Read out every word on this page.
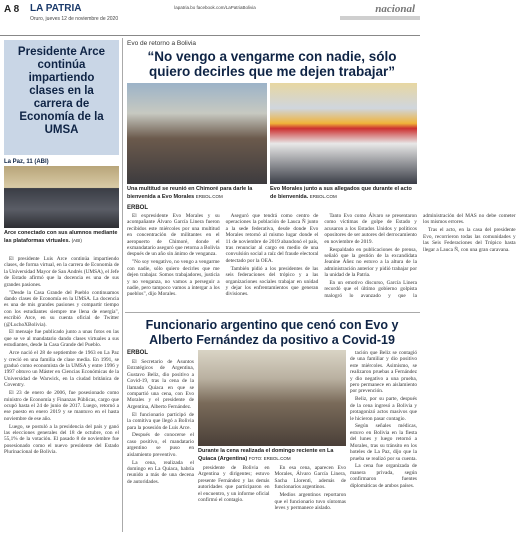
A 8 LA PATRIA
Oruro, jueves 12 de noviembre de 2020
lapatria.bo facebook.com/LaPatriaBolivia	nacional
Presidente Arce continúa impartiendo clases en la carrera de Economía de la UMSA
La Paz, 11 (ABI)
Arce conectado con sus alumnos mediante las plataformas virtuales. (ABI)

El presidente Luis Arce continúa impartiendo clases, de forma virtual, en la carrera de Economía de la Universidad Mayor de San Andrés (UMSA), el Jefe de Estado afirmó que la docencia es una de sus grandes pasiones.

"Desde la Casa Grande del Pueblo continuamos dando clases de Economía en la UMSA. La docencia es una de mis grandes pasiones y compartir tiempo con los estudiantes siempre me llena de energía", escribió Arce, en su cuenta oficial de Twitter (@LuchoXBolivia).

El mensaje fue publicado junto a unas fotos en las que se ve al mandatario dando clases virtuales a sus estudiantes, desde la Casa Grande del Pueblo.

Arce nació el 28 de septiembre de 1963 en La Paz y creció en una familia de clase media. En 1991, se graduó como economista de la UMSA y entre 1996 y 1997 obtuvo un Máster en Ciencias Económicas de la Universidad de Warwick, en la ciudad británica de Coventry.

El 23 de enero de 2006, fue posesionado como ministro de Economía y Finanzas Públicas, cargo que ocupó hasta el 24 de junio de 2017. Luego, retornó a ese puesto en enero 2019 y se mantuvo en el hasta noviembre de ese año.

Luego, se postuló a la presidencia del país y ganó las elecciones generales del 18 de octubre, con el 55,1% de la votación. El pasado 8 de noviembre fue posesionado como el nuevo presidente del Estado Plurinacional de Bolivia.

Evo de retorno a Bolivia
“No vengo a vengarme con nadie, sólo quiero decirles que me dejen trabajar”
Una multitud se reunió en Chimoré para darle la bienvenida a Evo Morales ERBOL.COM
Evo Morales junto a sus allegados que durante el acto de bienvenida. ERBOL.COM
ERBOL

El expresidente Evo Morales y su acompañante Álvaro García Linera fueron recibidos este miércoles por una multitud en concentración de militantes en el aeropuerto de Chimoré, donde el exmandatario aseguró que retorna a Bolivia después de un año sin ánimo de venganza.

"No soy vengativo, no vengo a vengarme con nadie, sólo quiero decirles que me dejen trabajar. Somos trabajadores, justicia y no venganza, no vamos a perseguir a nadie, pero tampoco vamos a intergar a los pueblos", dijo Morales.

Aseguró que tendrá como centro de operaciones la población de Lauca Ñ junto a la sede federativa, desde donde Evo Morales retornó al mismo lugar donde el 11 de noviembre de 2019 abandonó el país, tras renunciar al cargo en medio de una convulsión social a raíz del fraude electoral detectado por la OEA.

También pidió a los presidentes de las seis federaciones del trópico y a las organizaciones sociales trabajar en unidad y dejar los enfrentamientos que generan divisiones.

Tanto Evo como Álvaro se presentaron como víctimas de golpe de Estado y acusaron a los Estados Unidos y políticos opositores de ser autores del derrocamiento en noviembre de 2019.

Respaldado en publicaciones de prensa, señaló que la gestión de la excandidata Jeanine Áñez no estuvo a la altura de la administración anterior y pidió trabajar por la unidad de la Patria.

En un emotivo discurso, García Linera recordó que el último gobierno golpista malogró lo avanzado y que la administración del MAS no debe cometer los mismos errores.

Tras el acto, en la casa del presidente Evo, recorrieron todas las comunidades y las Seis Federaciones del Trópico hasta llegar a Lauca Ñ, con una gran caravana.

Funcionario argentino que cenó con Evo y Alberto Fernández da positivo a Covid-19
ERBOL

El Secretario de Asuntos Estratégicos de Argentina, Gustavo Beliz, dio positivo a Covid-19, tras la cena de la llamada Quiaca en que se compartió una cena, con Evo Morales y el presidente de Argentina, Alberto Fernández.

El funcionario participó de la comitiva que llegó a Bolivia para la posesión de Luis Arce.

Después de conocerse el caso positivo, el mandatario argentino se puso en aislamiento preventivo.

La cena, realizada el domingo en La Quiaca, habría reunido a más de una decena de autoridades.

Durante la cena realizada el domingo reciente en La Quiaca (Argentina) FOTO: ERBOL.COM

presidente de Bolivia en Argentina y dirigentes; estuvo presente Fernández y las demás autoridades que participaron en el encuentro, y un informe oficial confirmó el contagio.

En esa cena, aparecen Evo Morales, Álvaro García Linera, Sacha Llorenti, además de funcionarios argentinos.

Medios argentinos reportaron que el funcionario tuvo síntomas leves y permanece aislado.

tación que Beliz se contagió de una familiar y dio positivo este miércoles. Asimismo, se realizaron pruebas a Fernández y dio negativo a una prueba, pero permanece en aislamiento por prevención.

Beliz, por su parte, después de la cena ingresó a Bolivia y protagonizó actos masivos que le hicieron pasar contagio.

Según señales médicas, estuvo en Bolivia en la fiesta del lunes y luego retornó a Morales, tras su tránsito en los hoteles de La Paz, dijo que la prueba se realizó por su cuenta.

La cena fue organizada de manera privada, según confirmaron fuentes diplomáticas de ambos países.
